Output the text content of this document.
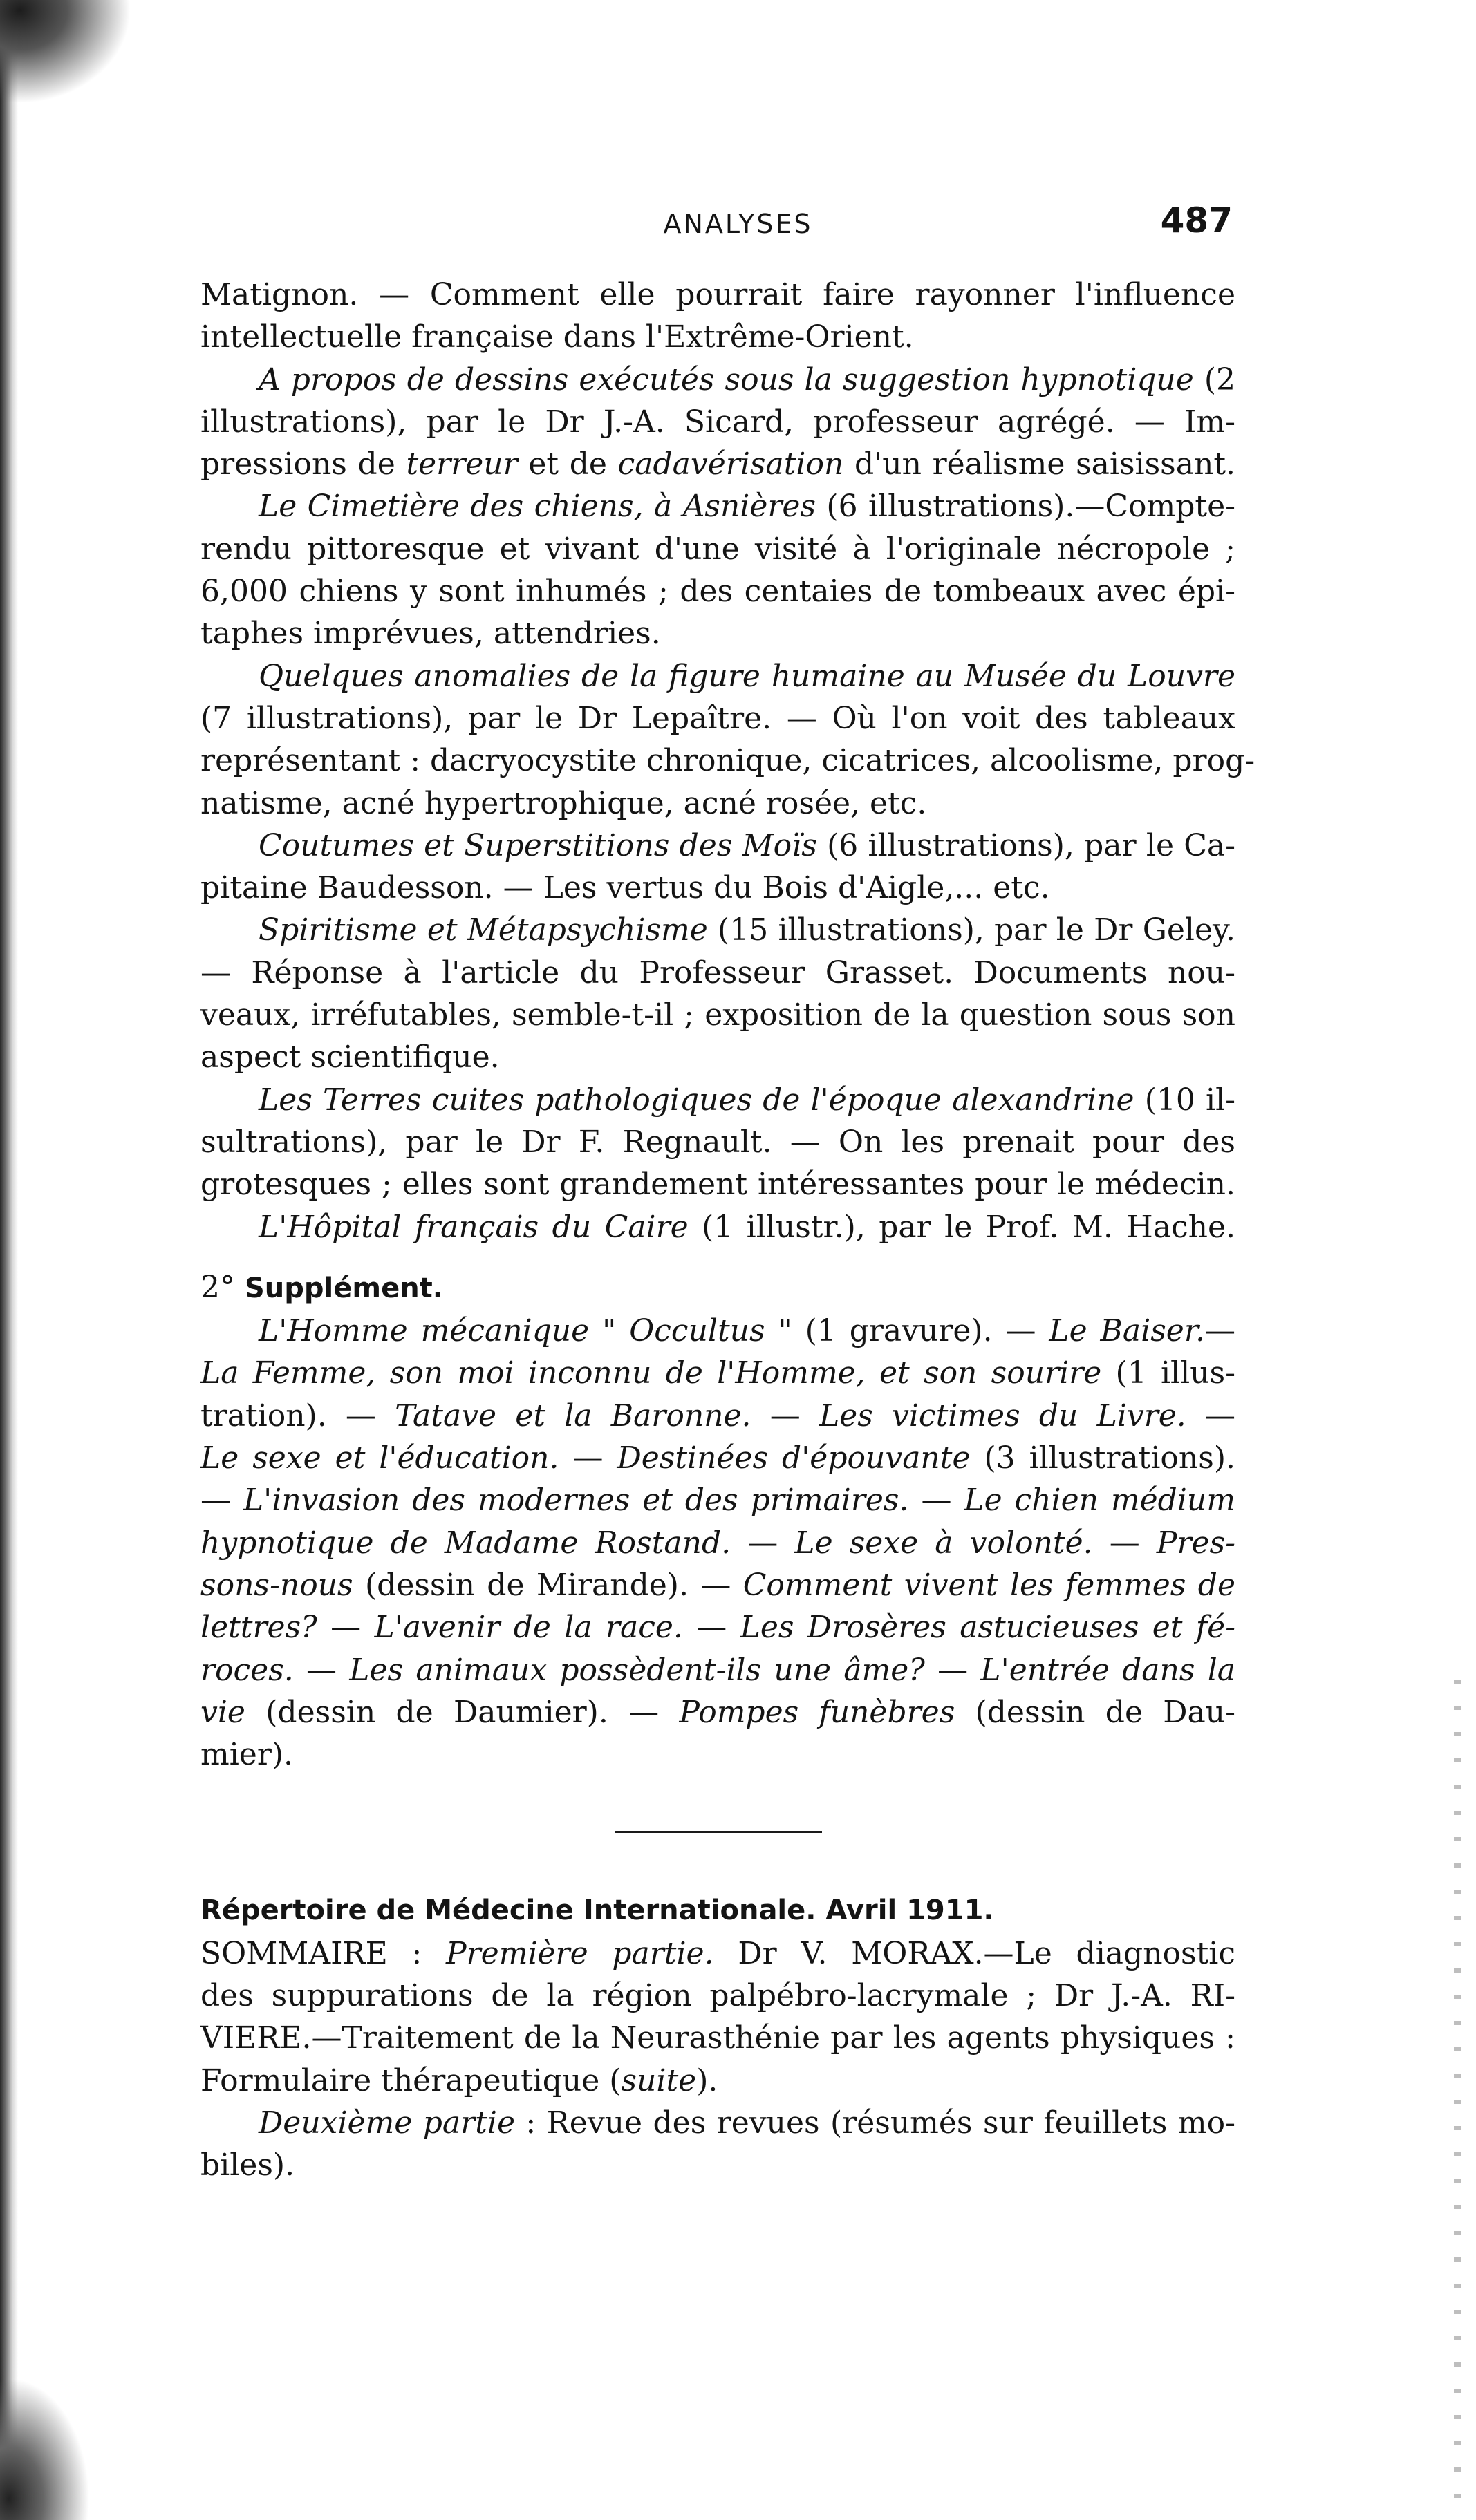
ANALYSES	487
Matignon. — Comment elle pourrait faire rayonner l'influence
intellectuelle française dans l'Extrême-Orient.
A propos de dessins exécutés sous la suggestion hypnotique (2
illustrations), par le Dr J.-A. Sicard, professeur agrégé. — Im-
pressions de terreur et de cadavérisation d'un réalisme saisissant.
Le Cimetière des chiens, à Asnières (6 illustrations).—Compte-
rendu pittoresque et vivant d'une visité à l'originale nécropole ;
6,000 chiens y sont inhumés ; des centaies de tombeaux avec épi-
taphes imprévues, attendries.
Quelques anomalies de la figure humaine au Musée du Louvre
(7 illustrations), par le Dr Lepaître. — Où l'on voit des tableaux
représentant : dacryocystite chronique, cicatrices, alcoolisme, prog-
natisme, acné hypertrophique, acné rosée, etc.
Coutumes et Superstitions des Moïs (6 illustrations), par le Ca-
pitaine Baudesson. — Les vertus du Bois d'Aigle,... etc.
Spiritisme et Métapsychisme (15 illustrations), par le Dr Geley.
— Réponse à l'article du Professeur Grasset. Documents nou-
veaux, irréfutables, semble-t-il ; exposition de la question sous son
aspect scientifique.
Les Terres cuites pathologiques de l'époque alexandrine (10 il-
sultrations), par le Dr F. Regnault. — On les prenait pour des
grotesques ; elles sont grandement intéressantes pour le médecin.
L'Hôpital français du Caire (1 illustr.), par le Prof. M. Hache.
2° Supplément.
L'Homme mécanique " Occultus " (1 gravure). — Le Baiser.—
La Femme, son moi inconnu de l'Homme, et son sourire (1 illus-
tration). — Tatave et la Baronne. — Les victimes du Livre. —
Le sexe et l'éducation. — Destinées d'épouvante (3 illustrations).
— L'invasion des modernes et des primaires. — Le chien médium
hypnotique de Madame Rostand. — Le sexe à volonté. — Pres-
sons-nous (dessin de Mirande). — Comment vivent les femmes de
lettres? — L'avenir de la race. — Les Drosères astucieuses et fé-
roces. — Les animaux possèdent-ils une âme? — L'entrée dans la
vie (dessin de Daumier). — Pompes funèbres (dessin de Dau-
mier).
Répertoire de Médecine Internationale. Avril 1911.
SOMMAIRE : Première partie. Dr V. MORAX.—Le diagnostic
des suppurations de la région palpébro-lacrymale ; Dr J.-A. RI-
VIERE.—Traitement de la Neurasthénie par les agents physiques :
Formulaire thérapeutique (suite).
Deuxième partie : Revue des revues (résumés sur feuillets mo-
biles).
